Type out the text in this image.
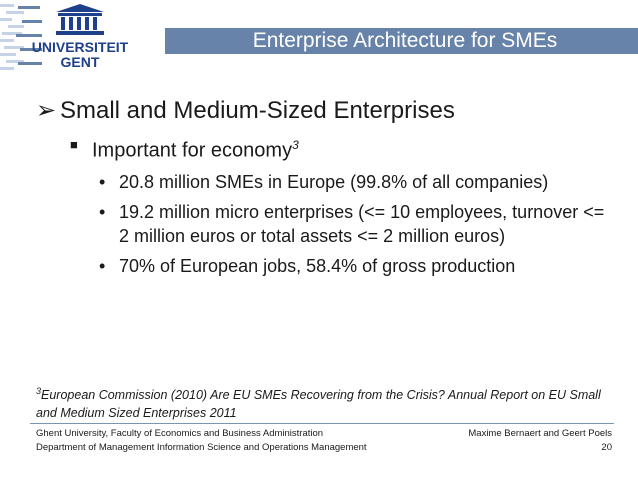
UNIVERSITEIT
GENT
Enterprise Architecture for SMEs
➢ Small and Medium-Sized Enterprises
■ Important for economy$^3$
• 20.8 million SMEs in Europe (99.8% of all companies)
• 19.2 million micro enterprises (<= 10 employees, turnover <= 2 million euros or total assets <= 2 million euros)
• 70% of European jobs, 58.4% of gross production
$^3$European Commission (2010) Are EU SMEs Recovering from the Crisis? Annual Report on EU Small and Medium Sized Enterprises 2011
Ghent University, Faculty of Economics and Business Administration
Department of Management Information Science and Operations Management
Maxime Bernaert and Geert Poels
20
